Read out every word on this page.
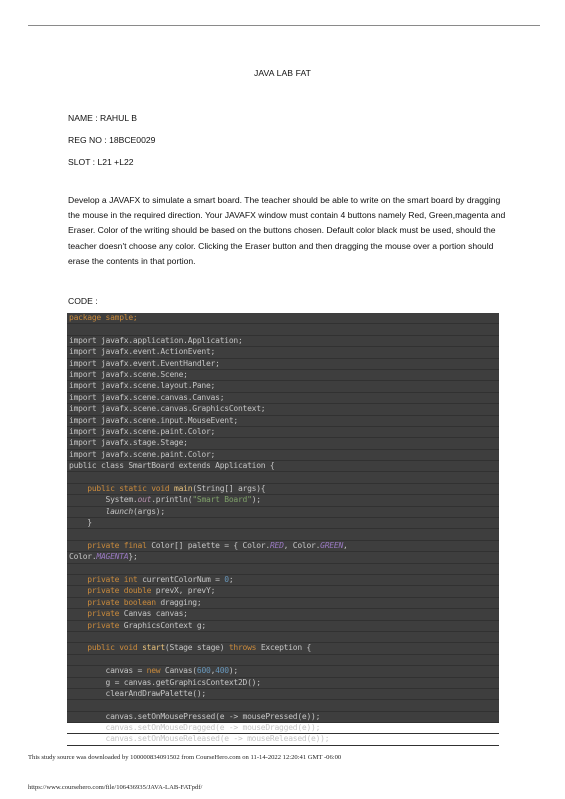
JAVA LAB FAT
NAME : RAHUL B
REG NO : 18BCE0029
SLOT : L21 +L22

Develop a JAVAFX to simulate a smart board. The teacher should be able to write on the smart board by dragging the mouse in the required direction. Your JAVAFX window must contain 4 buttons namely Red, Green,magenta and Eraser. Color of the writing should be based on the buttons chosen. Default color black must be used, should the teacher doesn't choose any color. Clicking the Eraser button and then dragging the mouse over a portion should erase the contents in that portion.

CODE :
package sample;
import javafx.application.Application;
import javafx.event.ActionEvent;
import javafx.event.EventHandler;
import javafx.scene.Scene;
import javafx.scene.layout.Pane;
import javafx.scene.canvas.Canvas;
import javafx.scene.canvas.GraphicsContext;
import javafx.scene.input.MouseEvent;
import javafx.scene.paint.Color;
import javafx.stage.Stage;
import javafx.scene.paint.Color;
public class SmartBoard extends Application {
public static void main(String[] args){
System.out.println("Smart Board");
launch(args);
}
private final Color[] palette = { Color.RED, Color.GREEN,
Color.MAGENTA};
private int currentColorNum = 0;
private double prevX, prevY;
private boolean dragging;
private Canvas canvas;
private GraphicsContext g;
public void start(Stage stage) throws Exception {
canvas = new Canvas(600,400);
g = canvas.getGraphicsContext2D();
clearAndDrawPalette();
canvas.setOnMousePressed(e -> mousePressed(e));
canvas.setOnMouseDragged(e -> mouseDragged(e));
canvas.setOnMouseReleased(e -> mouseReleased(e));
This study source was downloaded by 100000834091502 from CourseHero.com on 11-14-2022 12:20:41 GMT -06:00
https://www.coursehero.com/file/106436935/JAVA-LAB-FATpdf/
